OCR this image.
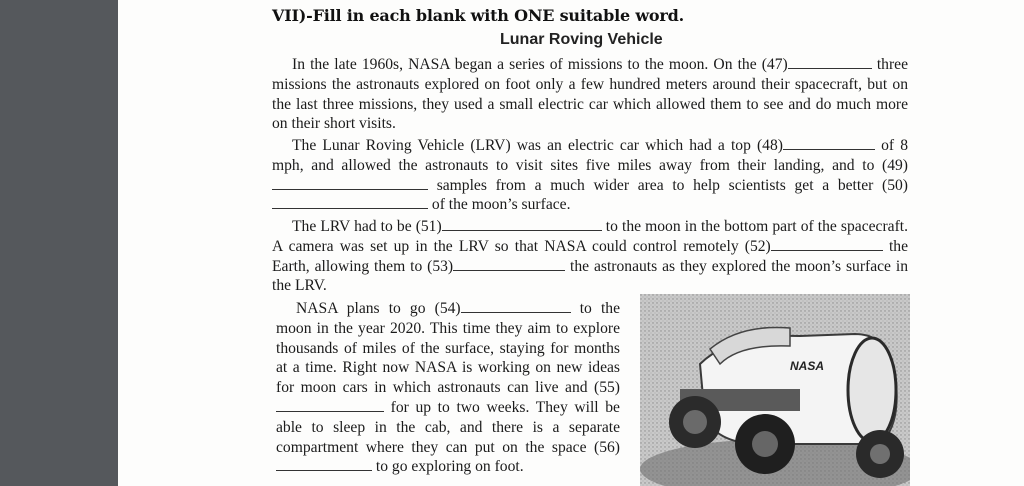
VII)-Fill in each blank with ONE suitable word.
Lunar Roving Vehicle
In the late 1960s, NASA began a series of missions to the moon. On the (47)	three missions the astronauts explored on foot only a few hundred meters around their spacecraft, but on the last three missions, they used a small electric car which allowed them to see and do much more on their short visits.
The Lunar Roving Vehicle (LRV) was an electric car which had a top (48)	of 8 mph, and allowed the astronauts to visit sites five miles away from their landing, and to (49) samples from a much wider area to help scientists get a better (50) of the moon’s surface.
The LRV had to be (51)	to the moon in the bottom part of the spacecraft. A camera was set up in the LRV so that NASA could control remotely (52)	the Earth, allowing them to (53)	the astronauts as they explored the moon’s surface in the LRV.
NASA plans to go (54)	to the moon in the year 2020. This time they aim to explore thousands of miles of the surface, staying for months at a time. Right now NASA is working on new ideas for moon cars in which astronauts can live and (55) for up to two weeks. They will be able to sleep in the cab, and there is a separate compartment where they can put on the space (56) to go exploring on foot.
NASA
